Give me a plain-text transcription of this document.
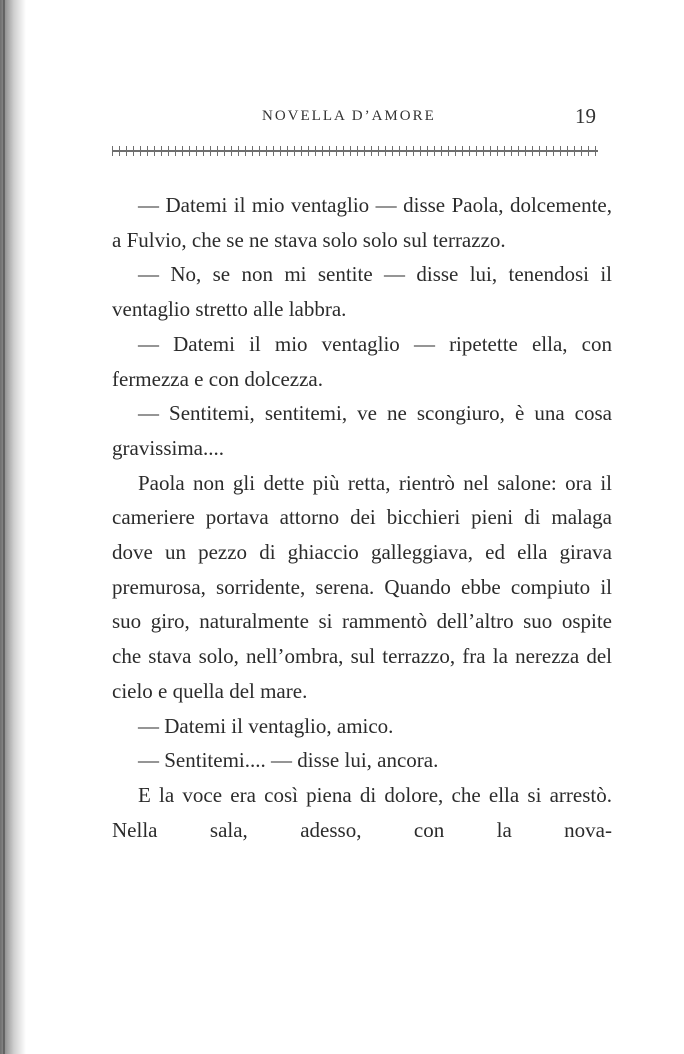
NOVELLA D’AMORE	19

— Datemi il mio ventaglio — disse Paola, dolcemente, a Fulvio, che se ne stava solo solo sul terrazzo.

— No, se non mi sentite — disse lui, tenendosi il ventaglio stretto alle labbra.

— Datemi il mio ventaglio — ripetette ella, con fermezza e con dolcezza.

— Sentitemi, sentitemi, ve ne scongiuro, è una cosa gravissima....

Paola non gli dette più retta, rientrò nel salone: ora il cameriere portava attorno dei bicchieri pieni di malaga dove un pezzo di ghiaccio galleggiava, ed ella girava premurosa, sorridente, serena. Quando ebbe compiuto il suo giro, naturalmente si rammentò dell’altro suo ospite che stava solo, nell’ombra, sul terrazzo, fra la nerezza del cielo e quella del mare.

— Datemi il ventaglio, amico.

— Sentitemi.... — disse lui, ancora.

E la voce era così piena di dolore, che ella si arrestò. Nella sala, adesso, con la nova-
